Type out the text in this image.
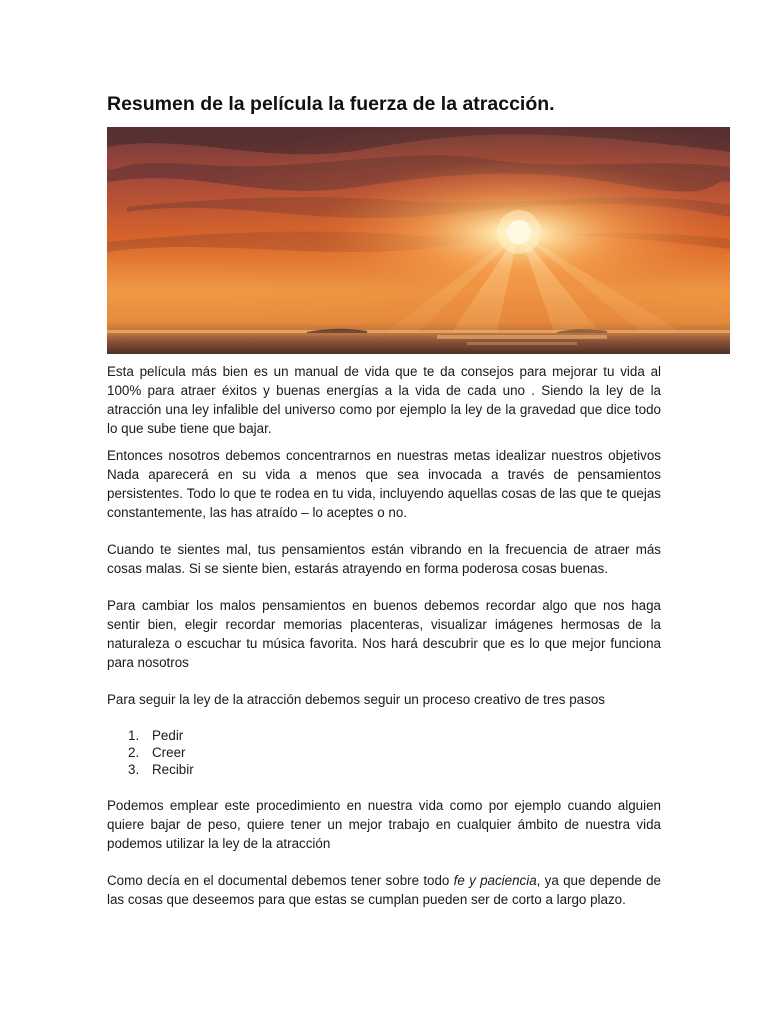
Resumen de la película la fuerza de la atracción.

Esta película más bien es un manual de vida que te da consejos para mejorar tu vida al 100% para atraer éxitos y buenas energías a la vida de cada uno . Siendo la ley de la atracción una ley infalible del universo como por ejemplo la ley de la gravedad que dice todo lo que sube tiene que bajar.

Entonces nosotros debemos concentrarnos en nuestras metas idealizar nuestros objetivos Nada aparecerá en su vida a menos que sea invocada a través de pensamientos persistentes. Todo lo que te rodea en tu vida, incluyendo aquellas cosas de las que te quejas constantemente, las has atraído – lo aceptes o no.

Cuando te sientes mal, tus pensamientos están vibrando en la frecuencia de atraer más cosas malas. Si se siente bien, estarás atrayendo en forma poderosa cosas buenas.

Para cambiar los malos pensamientos en buenos debemos recordar algo que nos haga sentir bien, elegir recordar memorias placenteras, visualizar imágenes hermosas de la naturaleza o escuchar tu música favorita. Nos hará descubrir que es lo que mejor funciona para nosotros

Para seguir la ley de la atracción debemos seguir un proceso creativo de tres pasos

1. Pedir
2. Creer
3. Recibir

Podemos emplear este procedimiento en nuestra vida como por ejemplo cuando alguien quiere bajar de peso, quiere tener un mejor trabajo en cualquier ámbito de nuestra vida podemos utilizar la ley de la atracción

Como decía en el documental debemos tener sobre todo fe y paciencia, ya que depende de las cosas que deseemos para que estas se cumplan pueden ser de corto a largo plazo.
